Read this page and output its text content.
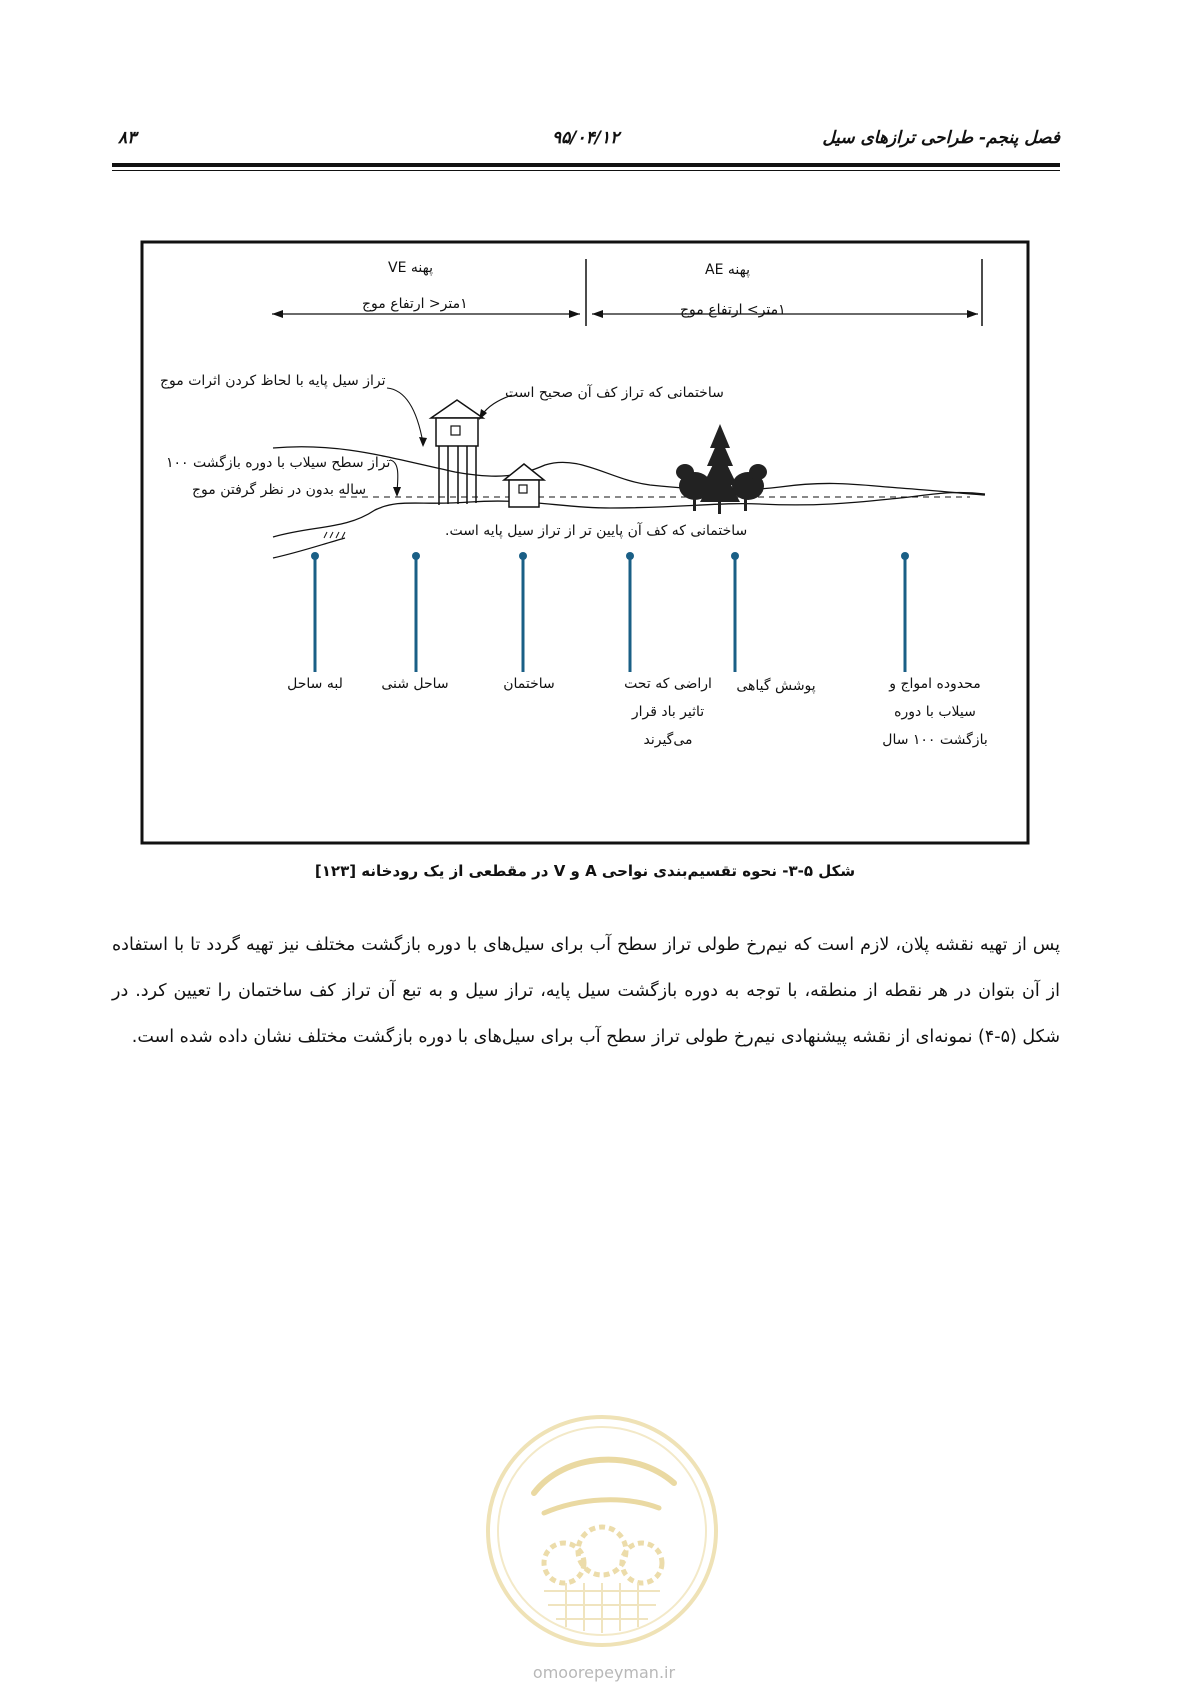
فصل پنجم- طراحی ترازهای سیل
۹۵/۰۴/۱۲
۸۳
پهنه VE
۱متر< ارتفاع موج
پهنه AE
۱متر> ارتفاع موج
تراز سیل پایه با لحاظ کردن اثرات موج
ساختمانی که تراز کف آن صحیح است
تراز سطح سیلاب با دوره بازگشت ۱۰۰
ساله بدون در نظر گرفتن موج
ساختمانی که کف آن پایین تر از تراز سیل پایه است.
لبه ساحل	ساحل شنی	ساختمان	اراضی که تحت تاثیر باد قرار می‌گیرند
پوشش گیاهی	محدوده امواج و سیلاب با دوره بازگشت ۱۰۰ سال
شکل ۵-۳- نحوه تقسیم‌بندی نواحی A و V در مقطعی از یک رودخانه [۱۲۳]

پس از تهیه نقشه پلان، لازم است که نیم‌رخ طولی تراز سطح آب برای سیل‌های با دوره بازگشت مختلف نیز تهیه گردد تا با استفاده از آن بتوان در هر نقطه از منطقه، با توجه به دوره بازگشت سیل پایه، تراز سیل و به تبع آن تراز کف ساختمان را تعیین کرد. در شکل (۵-۴) نمونه‌ای از نقشه پیشنهادی نیم‌رخ طولی تراز سطح آب برای سیل‌های با دوره بازگشت مختلف نشان داده شده است.

omoorepeyman.ir
